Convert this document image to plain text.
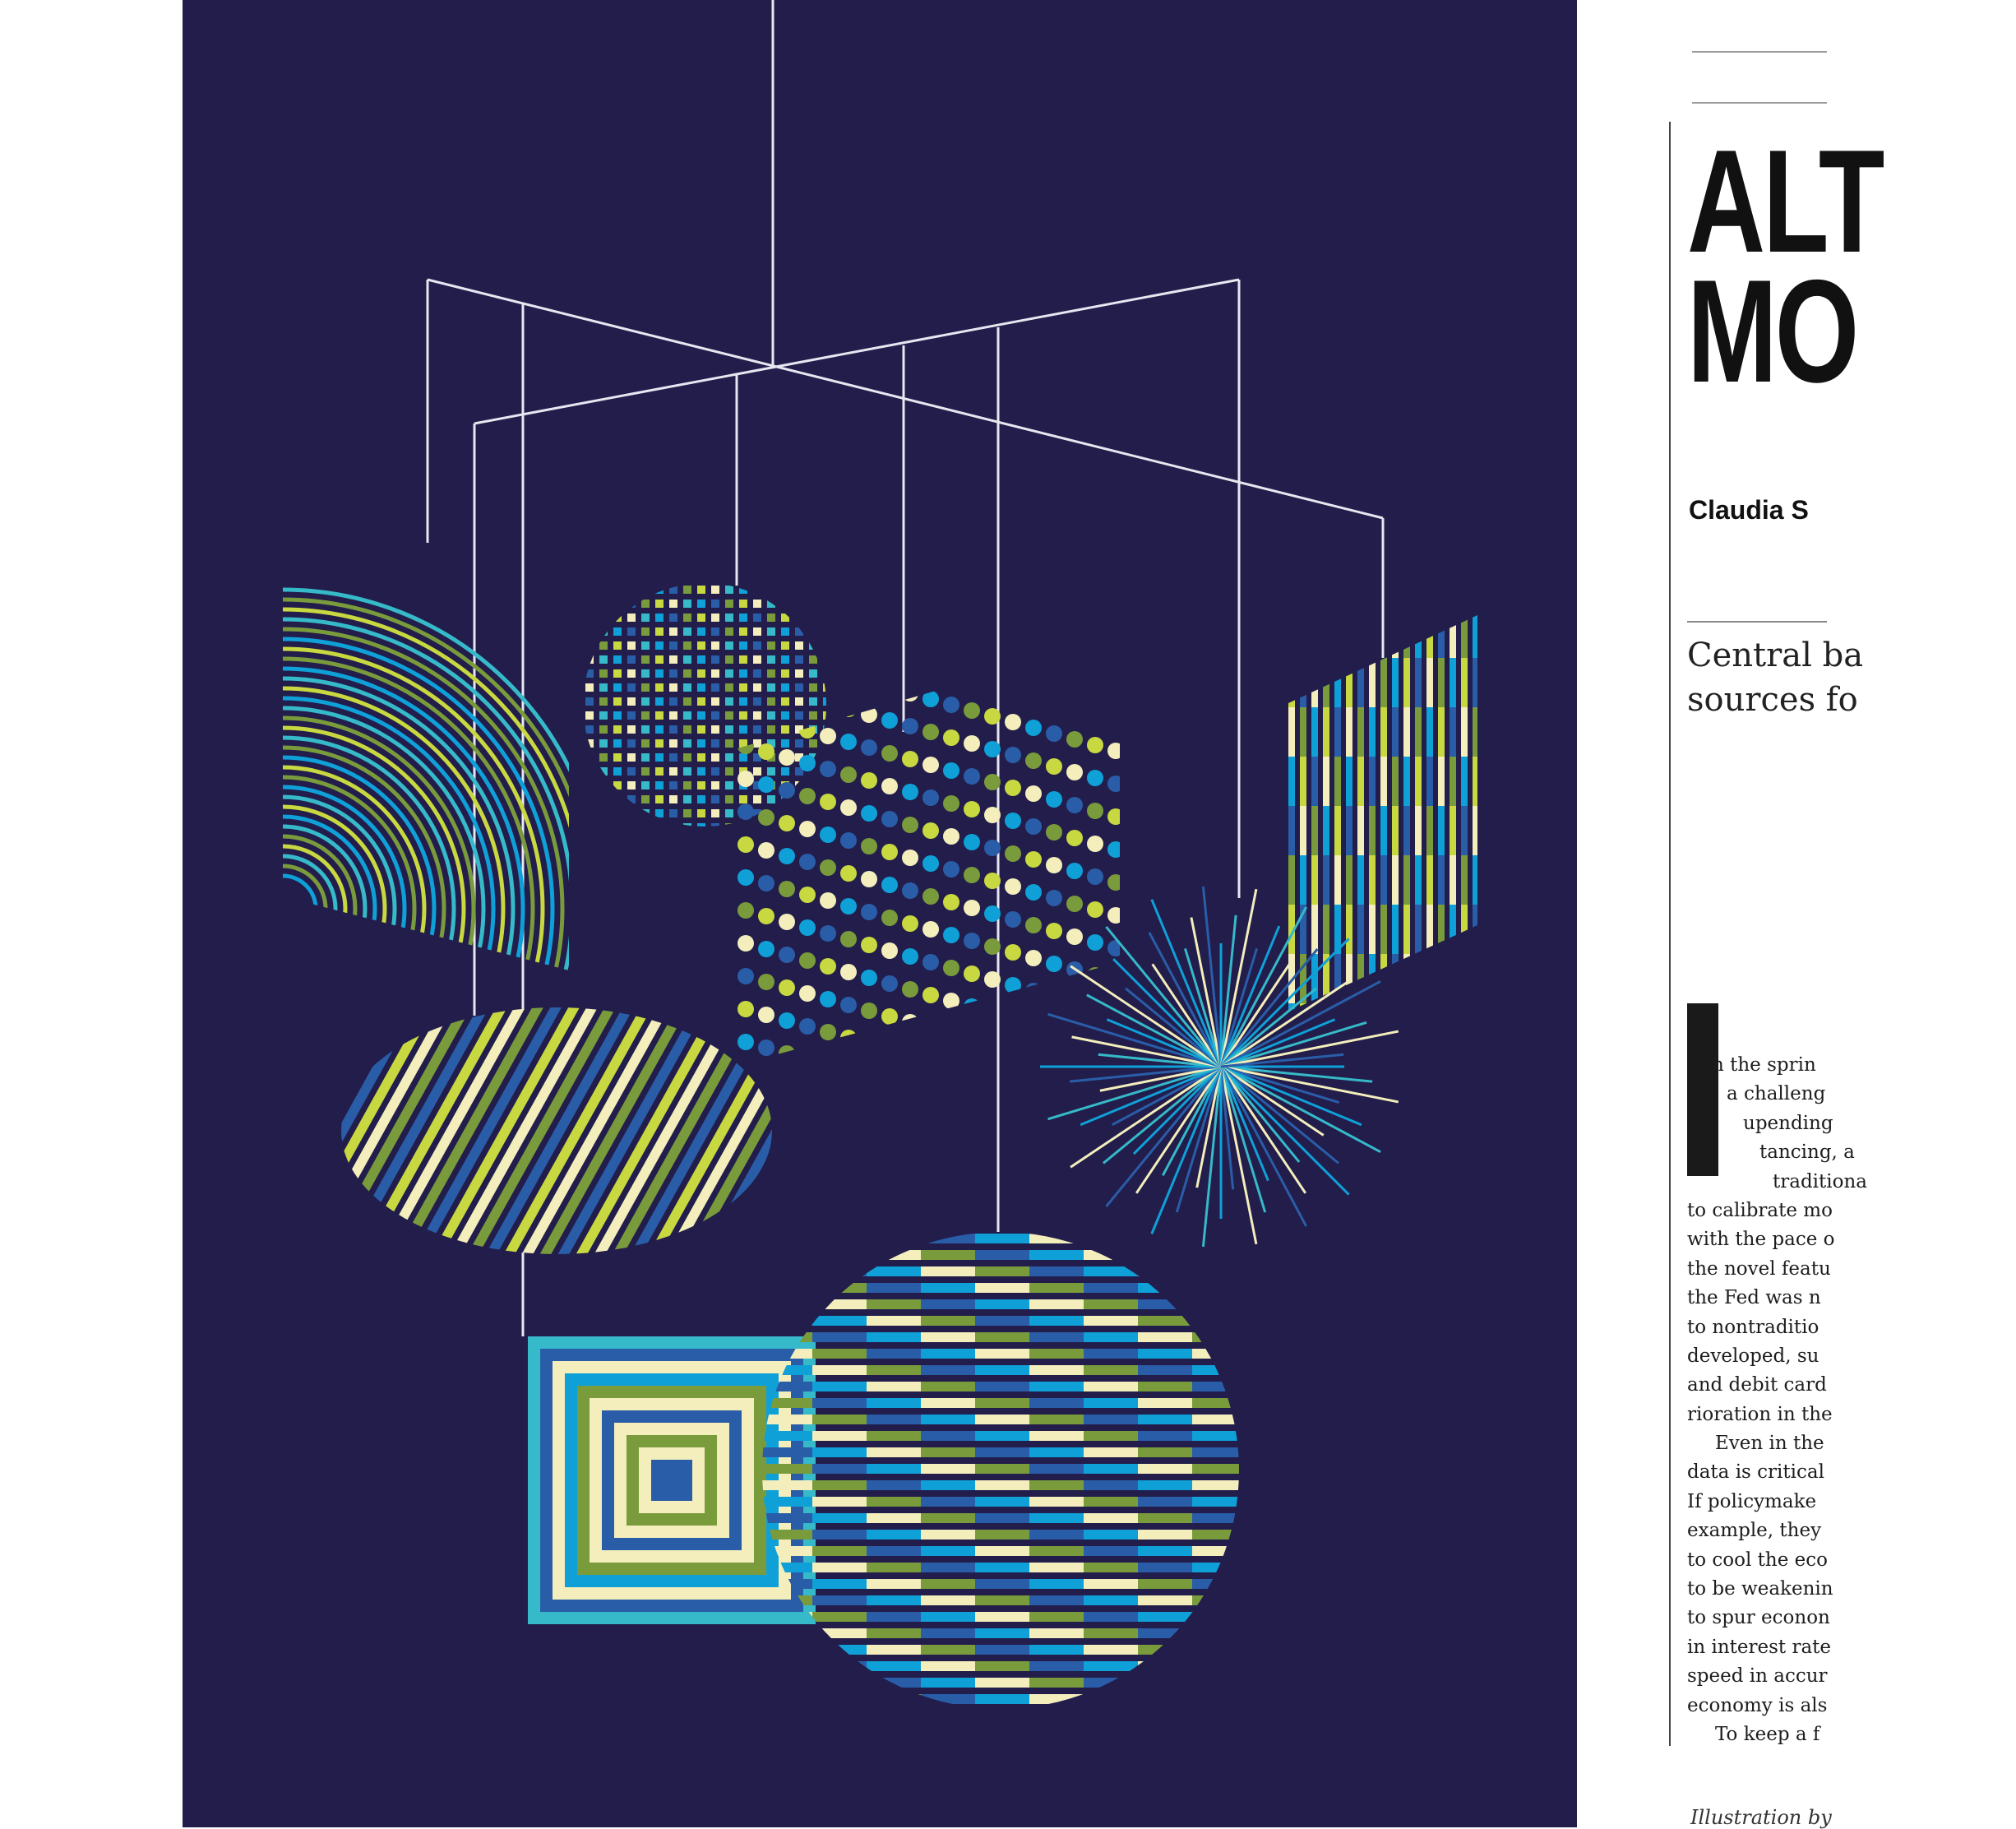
ALT
MO
Claudia S
Central ba
sources fo
n the sprin
a challeng
upending
tancing, a
traditiona
to calibrate mo
with the pace o
the novel featu
the Fed was n
to nontraditio
developed, su
and debit card
rioration in the
Even in the
data is critical
If policymake
example, they
to cool the eco
to be weakenin
to spur econon
in interest rate
speed in accur
economy is als
To keep a f
Illustration by
